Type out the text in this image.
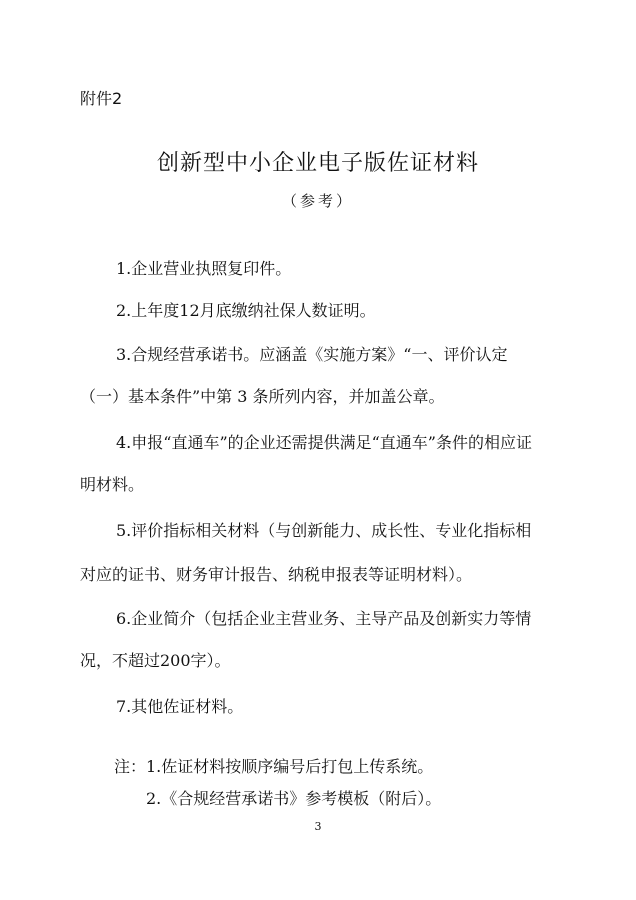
附件2
创新型中小企业电子版佐证材料
（参考）
1.企业营业执照复印件。
2.上年度12月底缴纳社保人数证明。
3.合规经营承诺书。应涵盖《实施方案》“一、评价认定
（一）基本条件”中第 3 条所列内容，并加盖公章。
4.申报“直通车”的企业还需提供满足“直通车”条件的相应证
明材料。
5.评价指标相关材料（与创新能力、成长性、专业化指标相
对应的证书、财务审计报告、纳税申报表等证明材料）。
6.企业简介（包括企业主营业务、主导产品及创新实力等情
况，不超过200字）。
7.其他佐证材料。
注：1.佐证材料按顺序编号后打包上传系统。
2.《合规经营承诺书》参考模板（附后）。
3
